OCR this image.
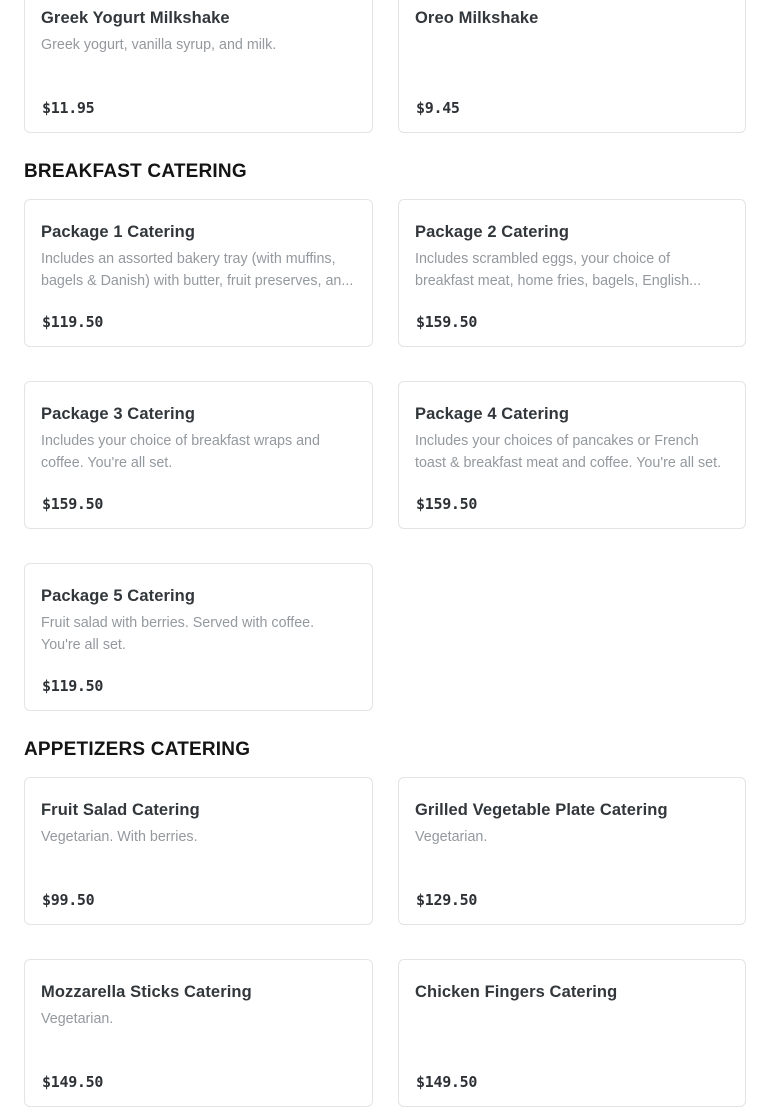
Greek Yogurt Milkshake

Greek yogurt, vanilla syrup, and milk.

$11.95
Oreo Milkshake
$9.45
BREAKFAST CATERING
Package 1 Catering

Includes an assorted bakery tray (with muffins, bagels & Danish) with butter, fruit preserves, an...

$119.50
Package 2 Catering

Includes scrambled eggs, your choice of breakfast meat, home fries, bagels, English...

$159.50
Package 3 Catering

Includes your choice of breakfast wraps and coffee. You're all set.

$159.50
Package 4 Catering

Includes your choices of pancakes or French toast & breakfast meat and coffee. You're all set.

$159.50
Package 5 Catering

Fruit salad with berries. Served with coffee. You're all set.

$119.50
APPETIZERS CATERING
Fruit Salad Catering

Vegetarian. With berries.

$99.50
Grilled Vegetable Plate Catering

Vegetarian.

$129.50
Mozzarella Sticks Catering

Vegetarian.

$149.50
Chicken Fingers Catering
$149.50
